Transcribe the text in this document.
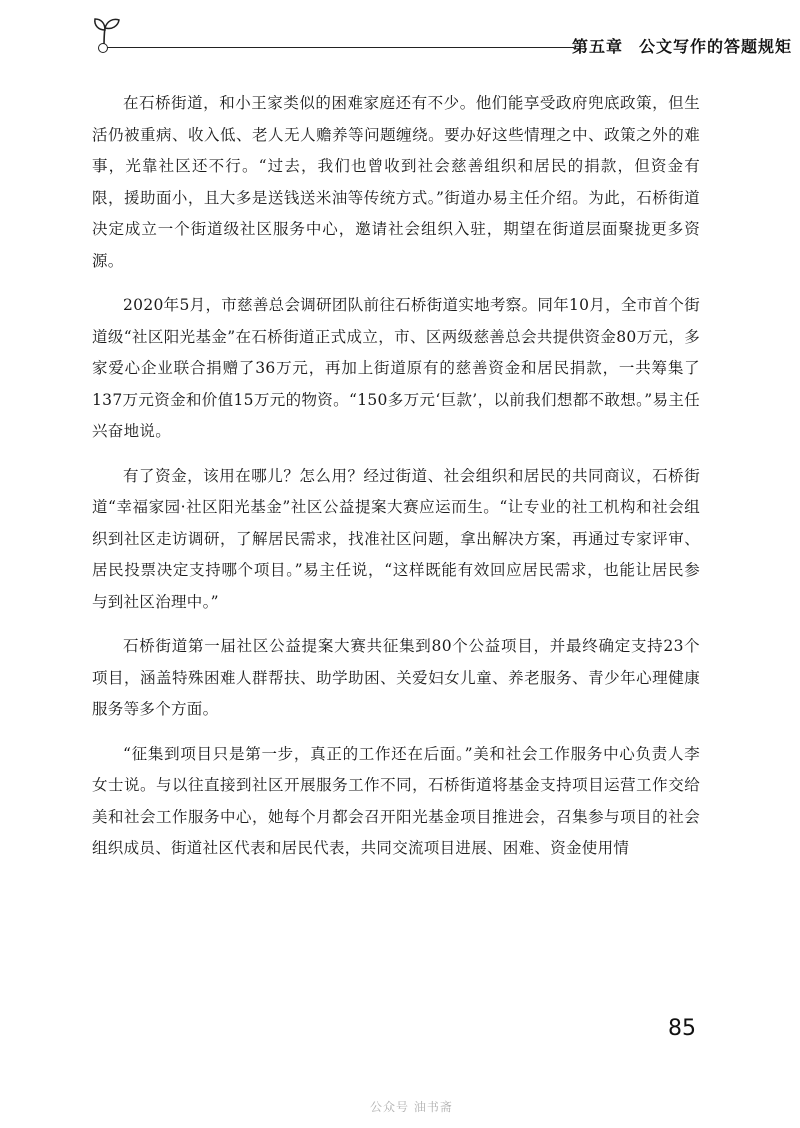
第五章 公文写作的答题规矩

在石桥街道，和小王家类似的困难家庭还有不少。他们能享受政府兜底政策，但生活仍被重病、收入低、老人无人赡养等问题缠绕。要办好这些情理之中、政策之外的难事，光靠社区还不行。“过去，我们也曾收到社会慈善组织和居民的捐款，但资金有限，援助面小，且大多是送钱送米油等传统方式。”街道办易主任介绍。为此，石桥街道决定成立一个街道级社区服务中心，邀请社会组织入驻，期望在街道层面聚拢更多资源。

2020年5月，市慈善总会调研团队前往石桥街道实地考察。同年10月，全市首个街道级“社区阳光基金”在石桥街道正式成立，市、区两级慈善总会共提供资金80万元，多家爱心企业联合捐赠了36万元，再加上街道原有的慈善资金和居民捐款，一共筹集了137万元资金和价值15万元的物资。“150多万元‘巨款’，以前我们想都不敢想。”易主任兴奋地说。

有了资金，该用在哪儿？怎么用？经过街道、社会组织和居民的共同商议，石桥街道“幸福家园·社区阳光基金”社区公益提案大赛应运而生。“让专业的社工机构和社会组织到社区走访调研，了解居民需求，找准社区问题，拿出解决方案，再通过专家评审、居民投票决定支持哪个项目。”易主任说，“这样既能有效回应居民需求，也能让居民参与到社区治理中。”

石桥街道第一届社区公益提案大赛共征集到80个公益项目，并最终确定支持23个项目，涵盖特殊困难人群帮扶、助学助困、关爱妇女儿童、养老服务、青少年心理健康服务等多个方面。

“征集到项目只是第一步，真正的工作还在后面。”美和社会工作服务中心负责人李女士说。与以往直接到社区开展服务工作不同，石桥街道将基金支持项目运营工作交给美和社会工作服务中心，她每个月都会召开阳光基金项目推进会，召集参与项目的社会组织成员、街道社区代表和居民代表，共同交流项目进展、困难、资金使用情

85
公众号 油书斋
